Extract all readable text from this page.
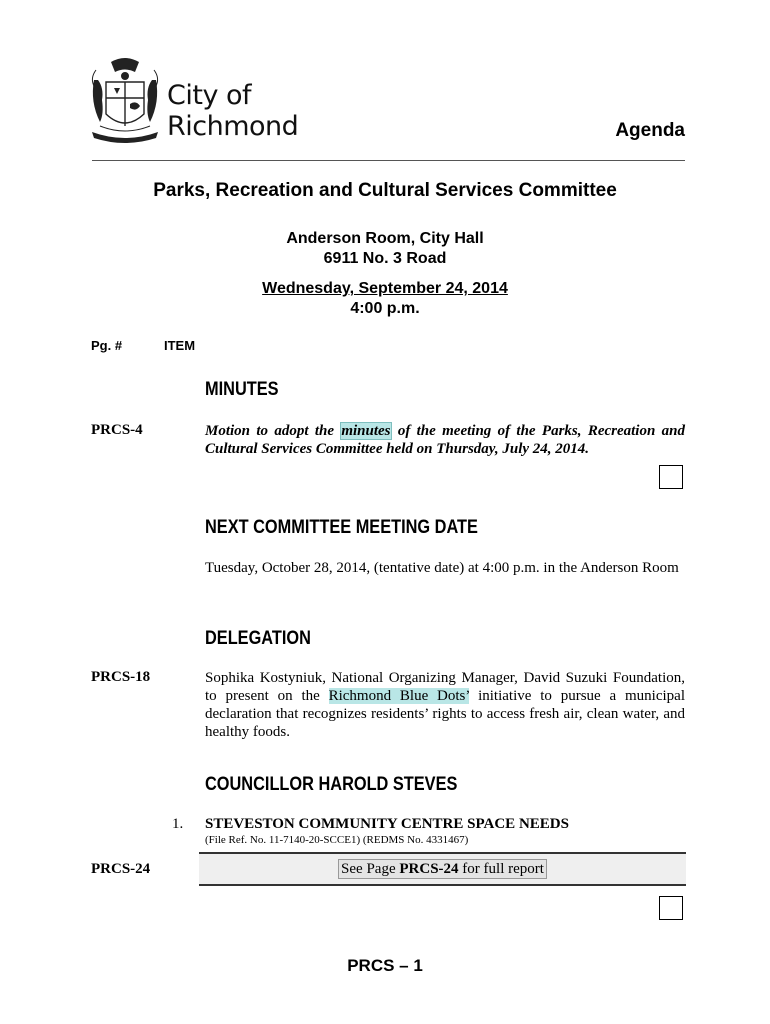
City of
Richmond	Agenda
Parks, Recreation and Cultural Services Committee
Anderson Room, City Hall
6911 No. 3 Road
Wednesday, September 24, 2014
4:00 p.m.
Pg. #	ITEM
MINUTES
PRCS-4	Motion to adopt the minutes of the meeting of the Parks, Recreation and Cultural Services Committee held on Thursday, July 24, 2014.
NEXT COMMITTEE MEETING DATE
Tuesday, October 28, 2014, (tentative date) at 4:00 p.m. in the Anderson Room
DELEGATION
PRCS-18	Sophika Kostyniuk, National Organizing Manager, David Suzuki Foundation, to present on the Richmond Blue Dots’ initiative to pursue a municipal declaration that recognizes residents’ rights to access fresh air, clean water, and healthy foods.
COUNCILLOR HAROLD STEVES
1. STEVESTON COMMUNITY CENTRE SPACE NEEDS
(File Ref. No. 11-7140-20-SCCE1) (REDMS No. 4331467)
PRCS-24	See Page PRCS-24 for full report
PRCS – 1
